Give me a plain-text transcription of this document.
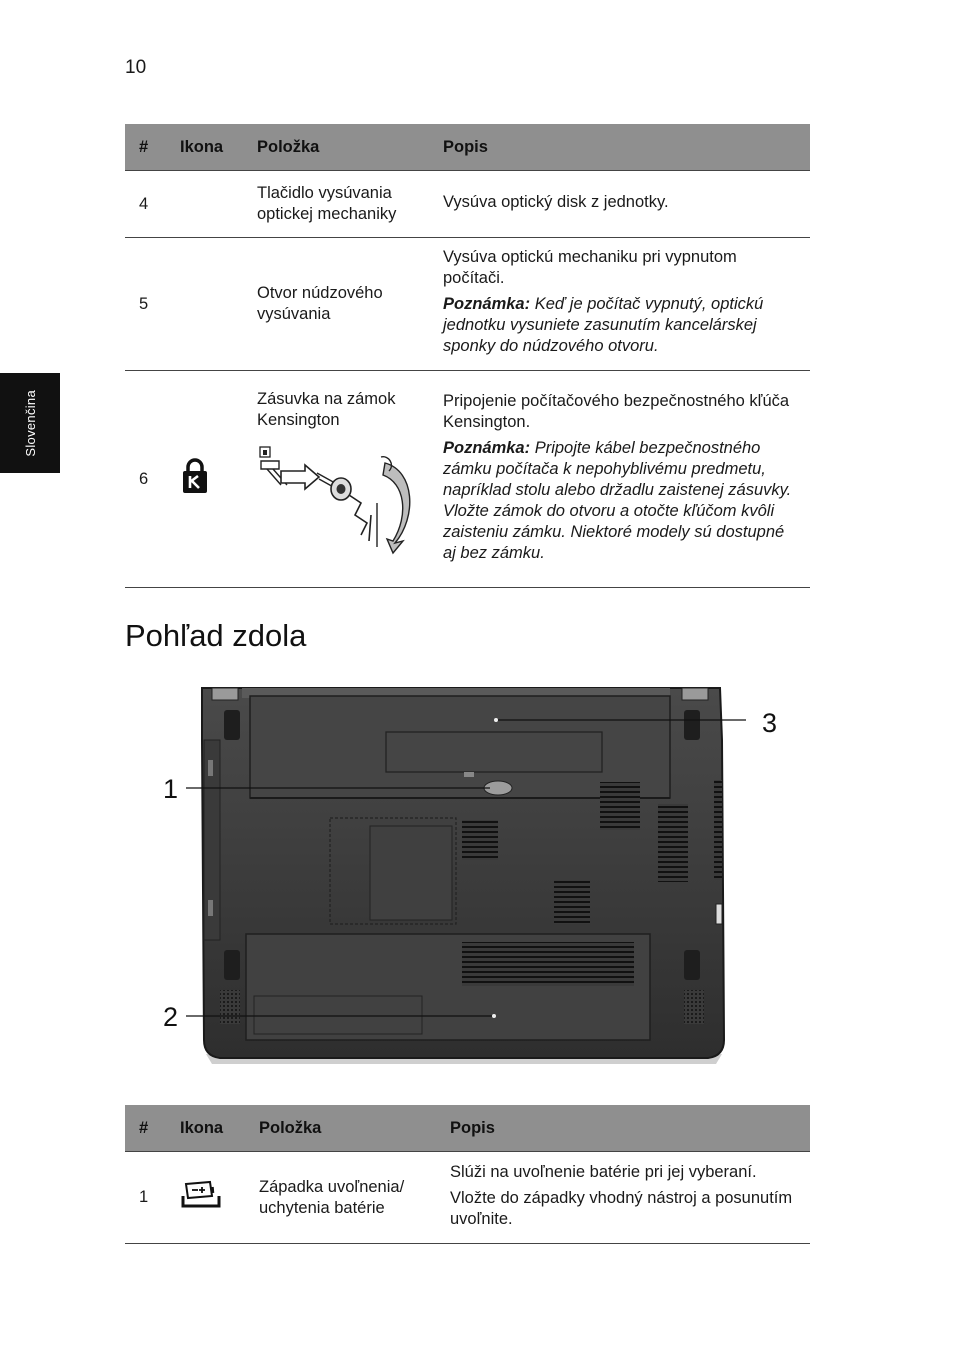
10
Slovenčina
#	Ikona	Položka	Popis
4		Tlačidlo vysúvania optickej mechaniky	Vysúva optický disk z jednotky.

5		Otvor núdzového vysúvania	Vysúva optickú mechaniku pri vypnutom počítači.

Poznámka: Keď je počítač vypnutý, optickú jednotku vysuniete zasunutím kancelárskej sponky do núdzového otvoru.

6		Zásuvka na zámok Kensington	Pripojenie počítačového bezpečnostného kľúča Kensington.

Poznámka: Pripojte kábel bezpečnostného zámku počítača k nepohyblivému predmetu, napríklad stolu alebo držadlu zaistenej zásuvky. Vložte zámok do otvoru a otočte kľúčom kvôli zaisteniu zámku. Niektoré modely sú dostupné aj bez zámku.

Pohľad zdola
3
1
2
#	Ikona	Položka	Popis
1		Západka uvoľnenia/ uchytenia batérie	Slúži na uvoľnenie batérie pri jej vyberaní.

Vložte do západky vhodný nástroj a posunutím uvoľnite.
